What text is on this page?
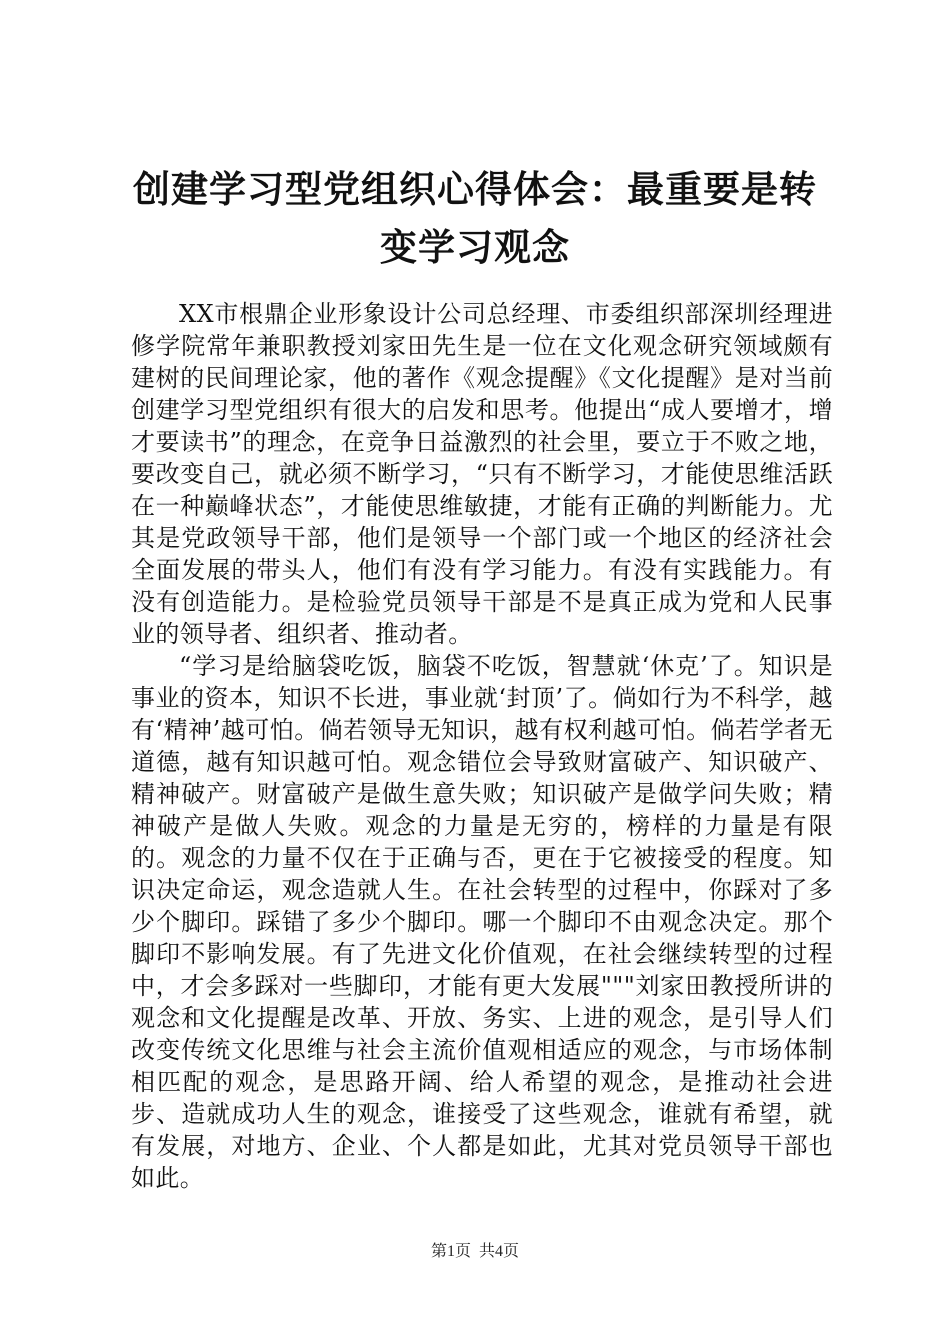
创建学习型党组织心得体会：最重要是转变学习观念

XX市根鼎企业形象设计公司总经理、市委组织部深圳经理进修学院常年兼职教授刘家田先生是一位在文化观念研究领域颇有建树的民间理论家，他的著作《观念提醒》《文化提醒》是对当前创建学习型党组织有很大的启发和思考。他提出“成人要增才，增才要读书”的理念，在竞争日益激烈的社会里，要立于不败之地，要改变自己，就必须不断学习，“只有不断学习，才能使思维活跃在一种巅峰状态”，才能使思维敏捷，才能有正确的判断能力。尤其是党政领导干部，他们是领导一个部门或一个地区的经济社会全面发展的带头人，他们有没有学习能力。有没有实践能力。有没有创造能力。是检验党员领导干部是不是真正成为党和人民事业的领导者、组织者、推动者。

“学习是给脑袋吃饭，脑袋不吃饭，智慧就‘休克’了。知识是事业的资本，知识不长进，事业就‘封顶’了。倘如行为不科学，越有‘精神’越可怕。倘若领导无知识，越有权利越可怕。倘若学者无道德，越有知识越可怕。观念错位会导致财富破产、知识破产、精神破产。财富破产是做生意失败；知识破产是做学问失败；精神破产是做人失败。观念的力量是无穷的，榜样的力量是有限的。观念的力量不仅在于正确与否，更在于它被接受的程度。知识决定命运，观念造就人生。在社会转型的过程中，你踩对了多少个脚印。踩错了多少个脚印。哪一个脚印不由观念决定。那个脚印不影响发展。有了先进文化价值观，在社会继续转型的过程中，才会多踩对一些脚印，才能有更大发展"""刘家田教授所讲的观念和文化提醒是改革、开放、务实、上进的观念，是引导人们改变传统文化思维与社会主流价值观相适应的观念，与市场体制相匹配的观念，是思路开阔、给人希望的观念，是推动社会进步、造就成功人生的观念，谁接受了这些观念，谁就有希望，就有发展，对地方、企业、个人都是如此，尤其对党员领导干部也如此。

第1页  共4页
